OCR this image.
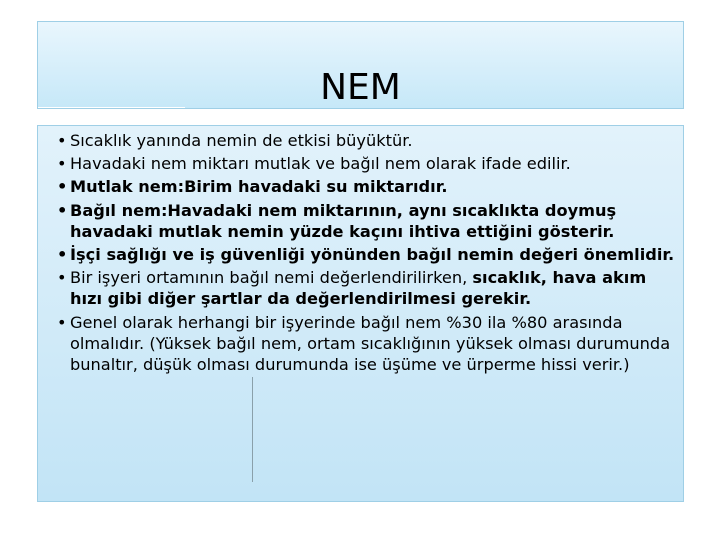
NEM
• Sıcaklık yanında nemin de etkisi büyüktür.
• Havadaki nem miktarı mutlak ve bağıl nem olarak ifade edilir.
• Mutlak nem:Birim havadaki su miktarıdır.
• Bağıl nem:Havadaki nem miktarının, aynı sıcaklıkta doymuş havadaki mutlak nemin yüzde kaçını ihtiva ettiğini gösterir.
• İşçi sağlığı ve iş güvenliği yönünden bağıl nemin değeri önemlidir.
• Bir işyeri ortamının bağıl nemi değerlendirilirken, sıcaklık, hava akım hızı gibi diğer şartlar da değerlendirilmesi gerekir.
• Genel olarak herhangi bir işyerinde bağıl nem %30 ila %80 arasında olmalıdır. (Yüksek bağıl nem, ortam sıcaklığının yüksek olması durumunda bunaltır, düşük olması durumunda ise üşüme ve ürperme hissi verir.)
